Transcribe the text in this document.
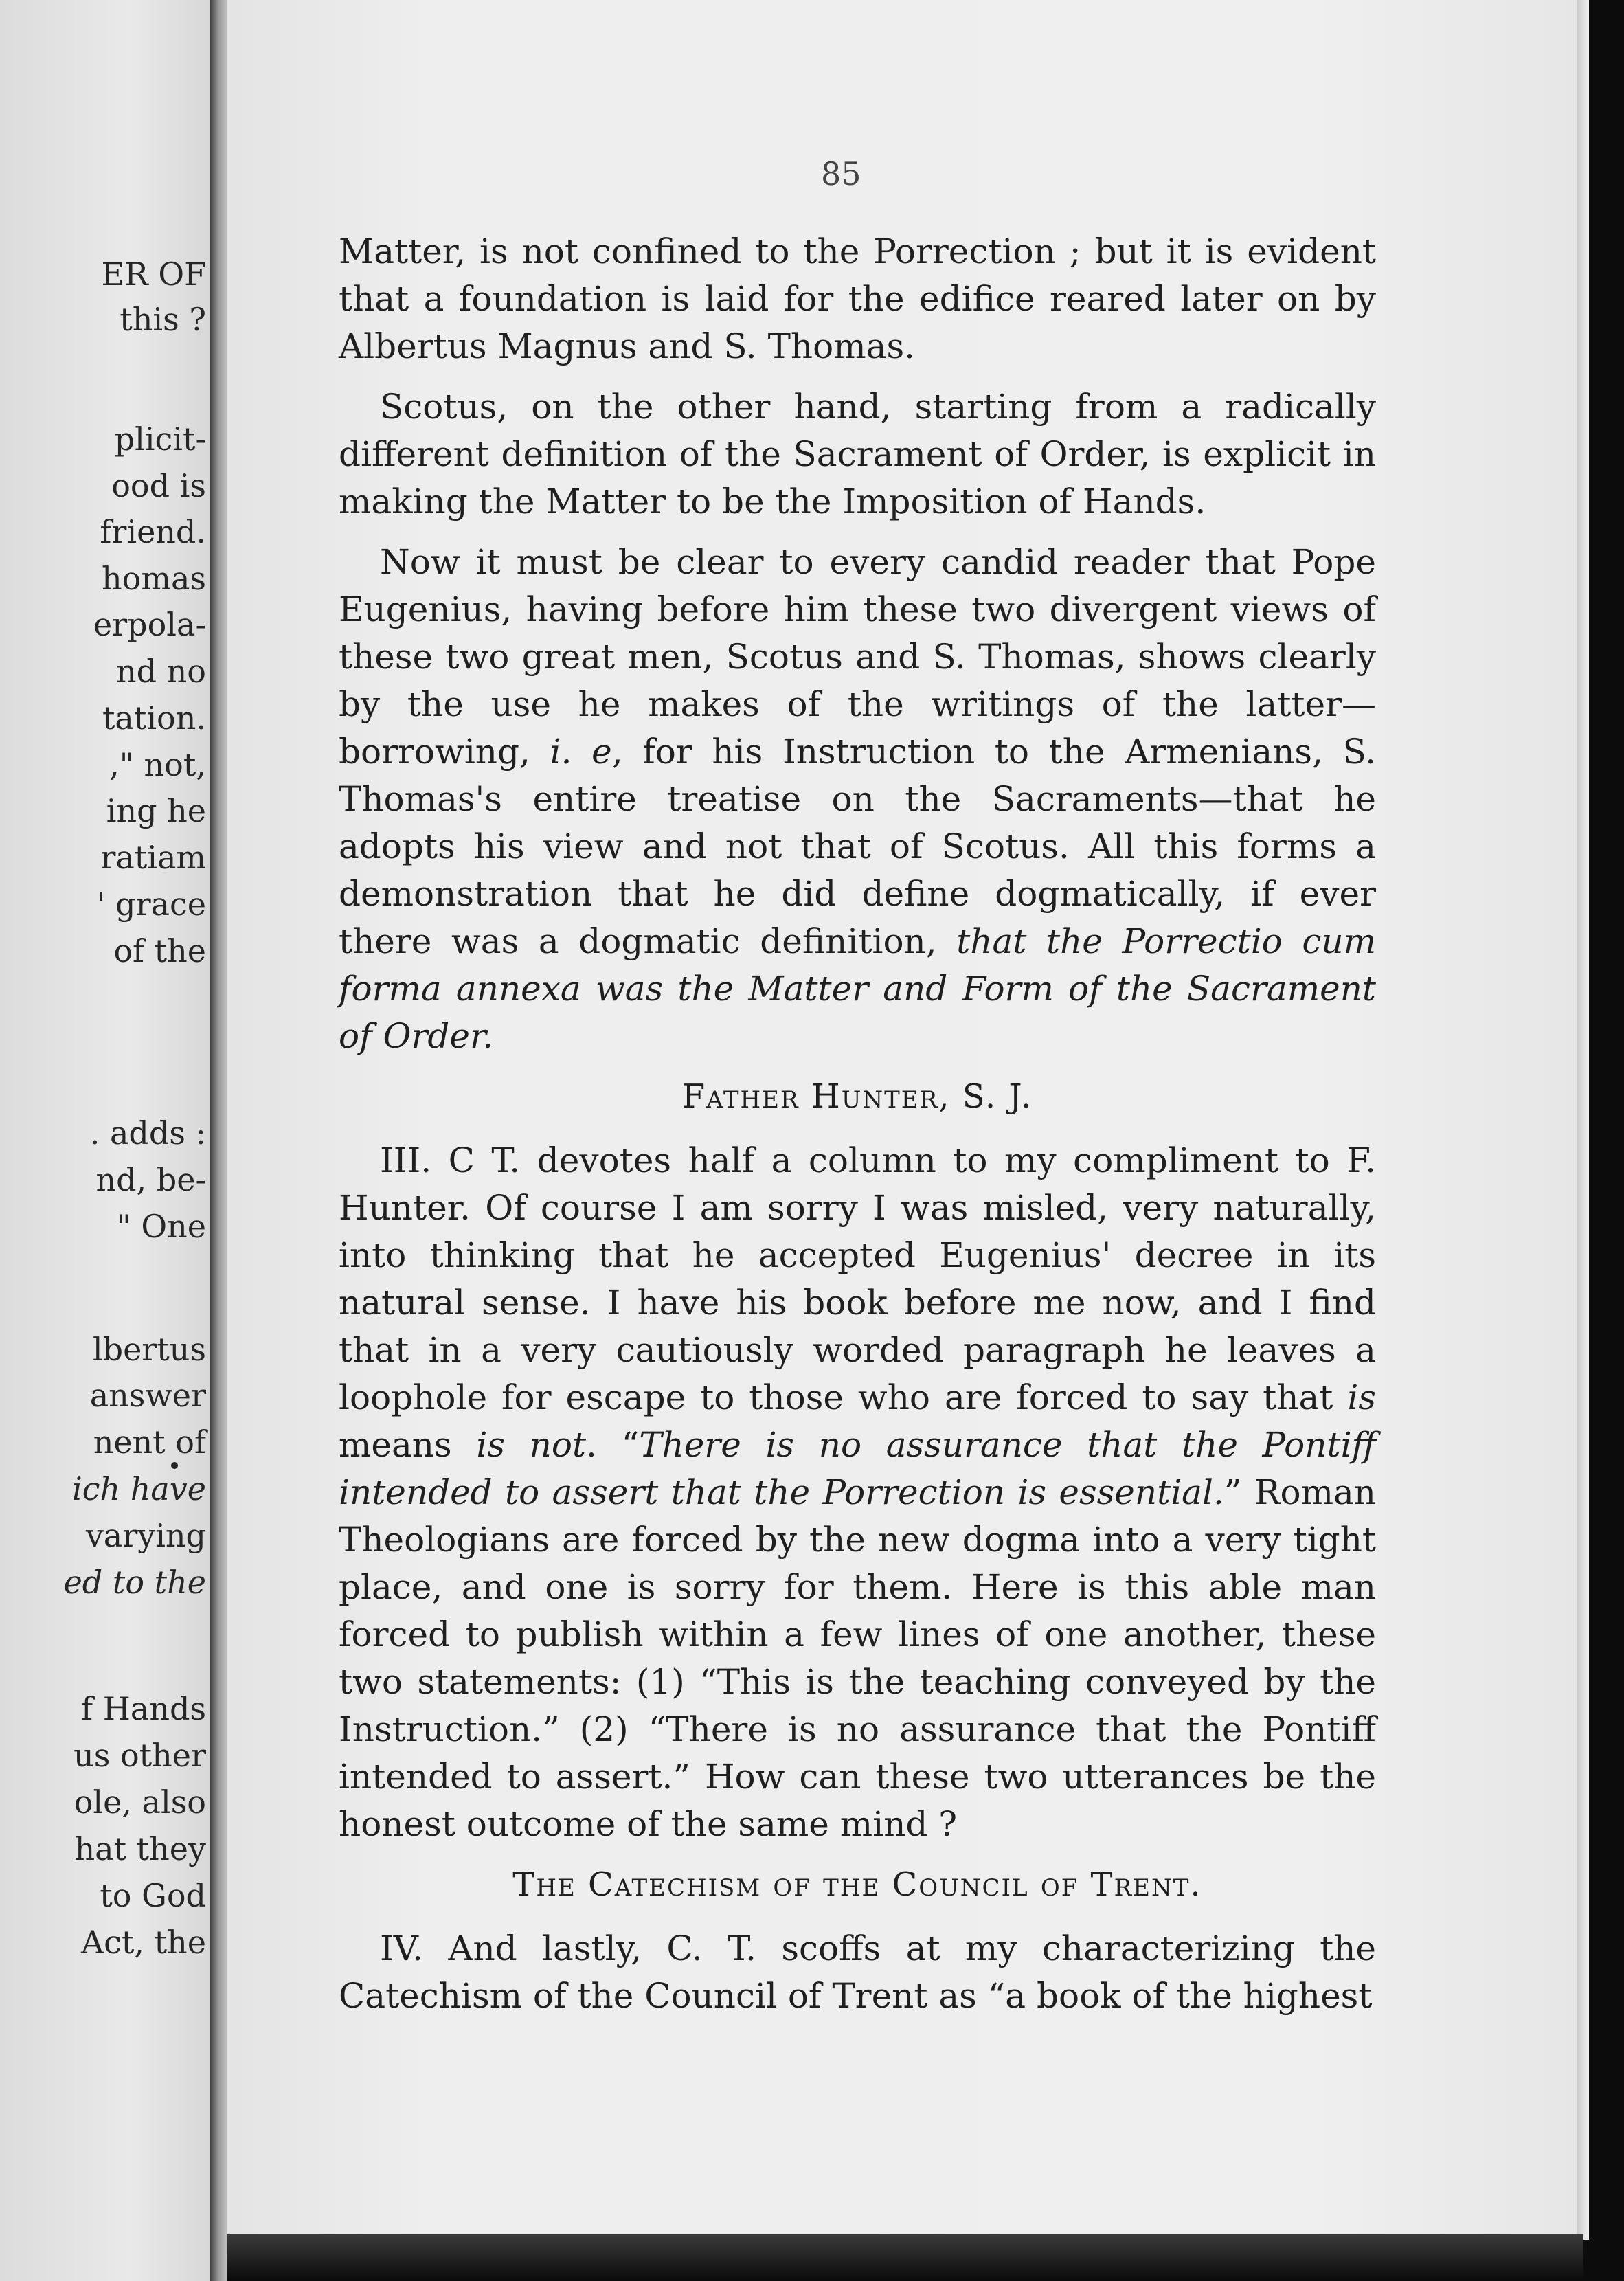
ER OF
this ?
plicit-
ood is
friend.
homas
erpola-
nd no
tation.
," not,
ing he
ratiam
' grace
of the
. adds :
nd, be-
" One
lbertus
answer
nent of
ich have
varying
ed to the
f Hands
us other
ole, also
hat they
to God
Act, the
85

Matter, is not confined to the Porrection ; but it is evident that a foundation is laid for the edifice reared later on by Albertus Magnus and S. Thomas.

Scotus, on the other hand, starting from a radically different definition of the Sacrament of Order, is explicit in making the Matter to be the Imposition of Hands.

Now it must be clear to every candid reader that Pope Eugenius, having before him these two divergent views of these two great men, Scotus and S. Thomas, shows clearly by the use he makes of the writings of the latter—borrowing, i. e, for his Instruction to the Armenians, S. Thomas's entire treatise on the Sacraments—that he adopts his view and not that of Scotus. All this forms a demonstration that he did define dogmatically, if ever there was a dogmatic definition, that the Porrectio cum forma annexa was the Matter and Form of the Sacrament of Order.

Father Hunter, S. J.

III. C T. devotes half a column to my compliment to F. Hunter. Of course I am sorry I was misled, very naturally, into thinking that he accepted Eugenius' decree in its natural sense. I have his book before me now, and I find that in a very cautiously worded paragraph he leaves a loophole for escape to those who are forced to say that is means is not. “There is no assurance that the Pontiff intended to assert that the Porrection is essential.” Roman Theologians are forced by the new dogma into a very tight place, and one is sorry for them. Here is this able man forced to publish within a few lines of one another, these two statements: (1) “This is the teaching conveyed by the Instruction.” (2) “There is no assurance that the Pontiff intended to assert.” How can these two utterances be the honest outcome of the same mind ?

The Catechism of the Council of Trent.

IV. And lastly, C. T. scoffs at my characterizing the Catechism of the Council of Trent as “a book of the highest
